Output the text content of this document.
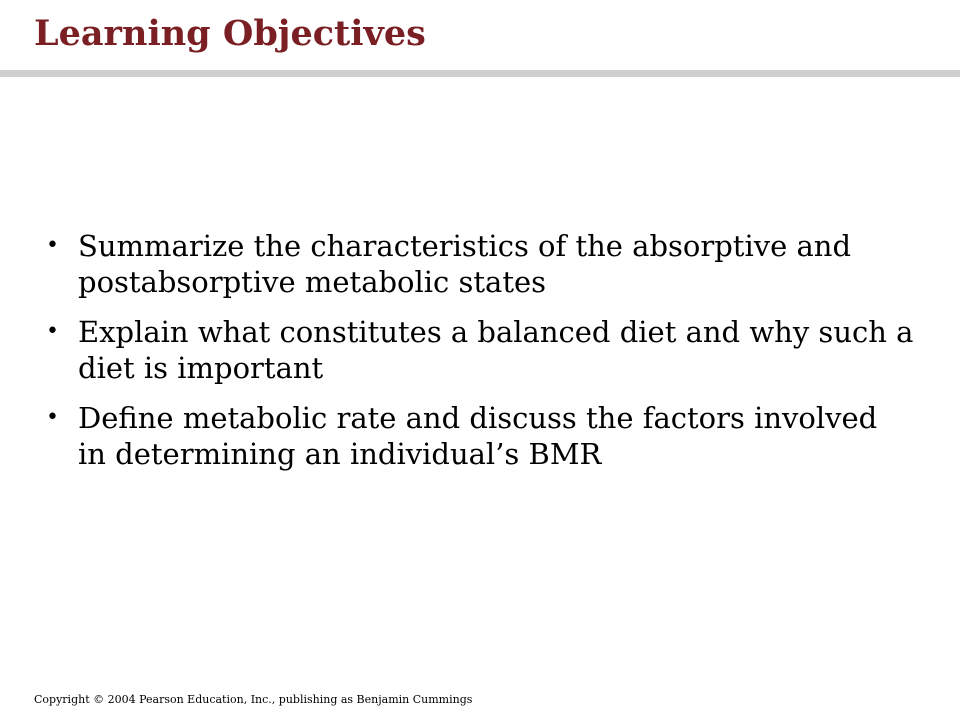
Learning Objectives
• Summarize the characteristics of the absorptive and postabsorptive metabolic states
• Explain what constitutes a balanced diet and why such a diet is important
• Define metabolic rate and discuss the factors involved in determining an individual’s BMR
Copyright © 2004 Pearson Education, Inc., publishing as Benjamin Cummings
